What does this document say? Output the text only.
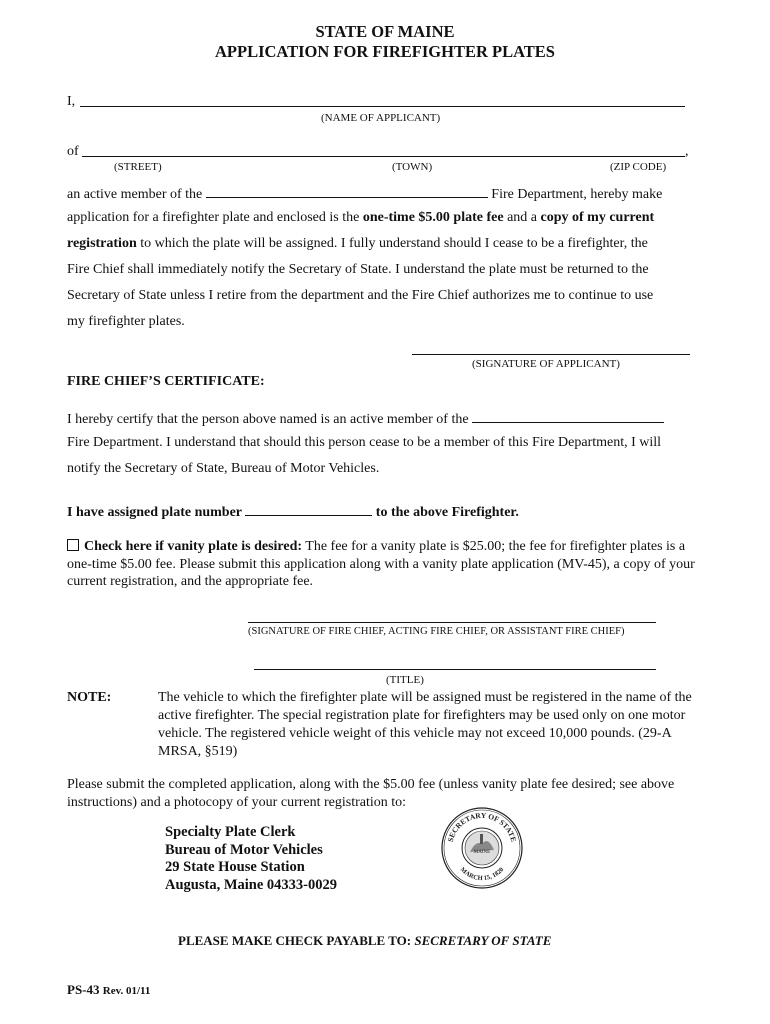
STATE OF MAINE
APPLICATION FOR FIREFIGHTER PLATES
I,
(NAME OF APPLICANT)
of	,
(STREET)	(TOWN)	(ZIP CODE)
an active member of the	Fire Department, hereby make
application for a firefighter plate and enclosed is the one-time $5.00 plate fee and a copy of my current
registration to which the plate will be assigned. I fully understand should I cease to be a firefighter, the
Fire Chief shall immediately notify the Secretary of State. I understand the plate must be returned to the
Secretary of State unless I retire from the department and the Fire Chief authorizes me to continue to use
my firefighter plates.
(SIGNATURE OF APPLICANT)
FIRE CHIEF’S CERTIFICATE:
I hereby certify that the person above named is an active member of the
Fire Department. I understand that should this person cease to be a member of this Fire Department, I will
notify the Secretary of State, Bureau of Motor Vehicles.
I have assigned plate number	to the above Firefighter.
Check here if vanity plate is desired: The fee for a vanity plate is $25.00; the fee for firefighter plates is a one-time $5.00 fee. Please submit this application along with a vanity plate application (MV-45), a copy of your current registration, and the appropriate fee.
(SIGNATURE OF FIRE CHIEF, ACTING FIRE CHIEF, OR ASSISTANT FIRE CHIEF)
(TITLE)
NOTE:	The vehicle to which the firefighter plate will be assigned must be registered in the name of the active firefighter. The special registration plate for firefighters may be used only on one motor vehicle. The registered vehicle weight of this vehicle may not exceed 10,000 pounds. (29-A MRSA, §519)
Please submit the completed application, along with the $5.00 fee (unless vanity plate fee desired; see above instructions) and a photocopy of your current registration to:
Specialty Plate Clerk
Bureau of Motor Vehicles
29 State House Station
Augusta, Maine 04333-0029
SECRETARY OF STATE
MAINE
MARCH 15, 1820
PLEASE MAKE CHECK PAYABLE TO: SECRETARY OF STATE
PS-43 Rev. 01/11
